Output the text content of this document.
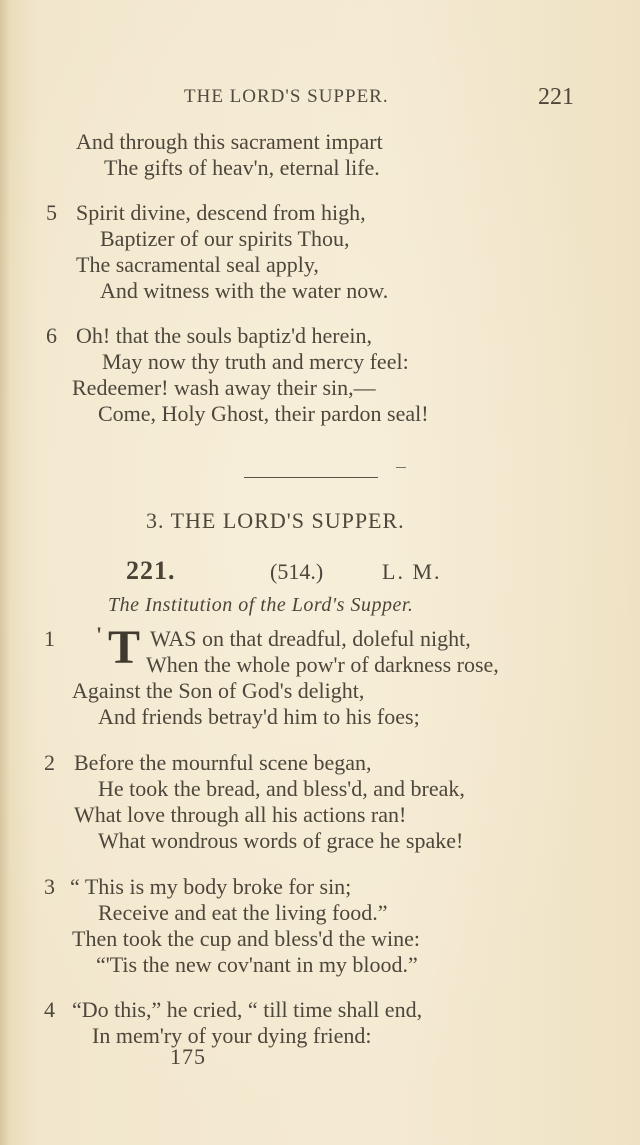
THE LORD'S SUPPER.	221
And through this sacrament impart
The gifts of heav'n, eternal life.
5 Spirit divine, descend from high,
Baptizer of our spirits Thou,
The sacramental seal apply,
And witness with the water now.
6 Oh! that the souls baptiz'd herein,
May now thy truth and mercy feel:
Redeemer! wash away their sin,—
Come, Holy Ghost, their pardon seal!
3. THE LORD'S SUPPER.
221.	(514.)	L. M.
The Institution of the Lord's Supper.
1 ' T WAS on that dreadful, doleful night,
When the whole pow'r of darkness rose,
Against the Son of God's delight,
And friends betray'd him to his foes;
2 Before the mournful scene began,
He took the bread, and bless'd, and break,
What love through all his actions ran!
What wondrous words of grace he spake!
3 “ This is my body broke for sin;
Receive and eat the living food.”
Then took the cup and bless'd the wine:
“'Tis the new cov'nant in my blood.”
4 “Do this,” he cried, “ till time shall end,
In mem'ry of your dying friend:
175
